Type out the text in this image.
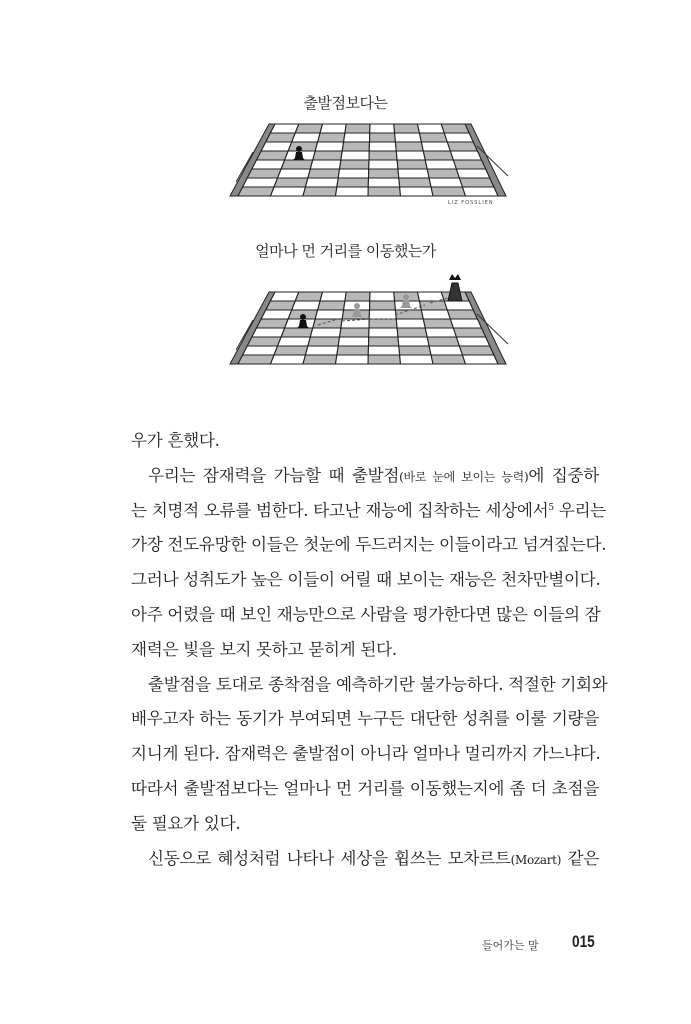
출발점보다는
LIZ FOSSLIEN
얼마나 먼 거리를 이동했는가
우가 흔했다.
우리는 잠재력을 가늠할 때 출발점(바로 눈에 보이는 능력)에 집중하
는 치명적 오류를 범한다. 타고난 재능에 집착하는 세상에서$^5$ 우리는
가장 전도유망한 이들은 첫눈에 두드러지는 이들이라고 넘겨짚는다.
그러나 성취도가 높은 이들이 어릴 때 보이는 재능은 천차만별이다.
아주 어렸을 때 보인 재능만으로 사람을 평가한다면 많은 이들의 잠
재력은 빛을 보지 못하고 묻히게 된다.
출발점을 토대로 종착점을 예측하기란 불가능하다. 적절한 기회와
배우고자 하는 동기가 부여되면 누구든 대단한 성취를 이룰 기량을
지니게 된다. 잠재력은 출발점이 아니라 얼마나 멀리까지 가느냐다.
따라서 출발점보다는 얼마나 먼 거리를 이동했는지에 좀 더 초점을
둘 필요가 있다.
신동으로 혜성처럼 나타나 세상을 휩쓰는 모차르트(Mozart) 같은
들어가는 말 015
